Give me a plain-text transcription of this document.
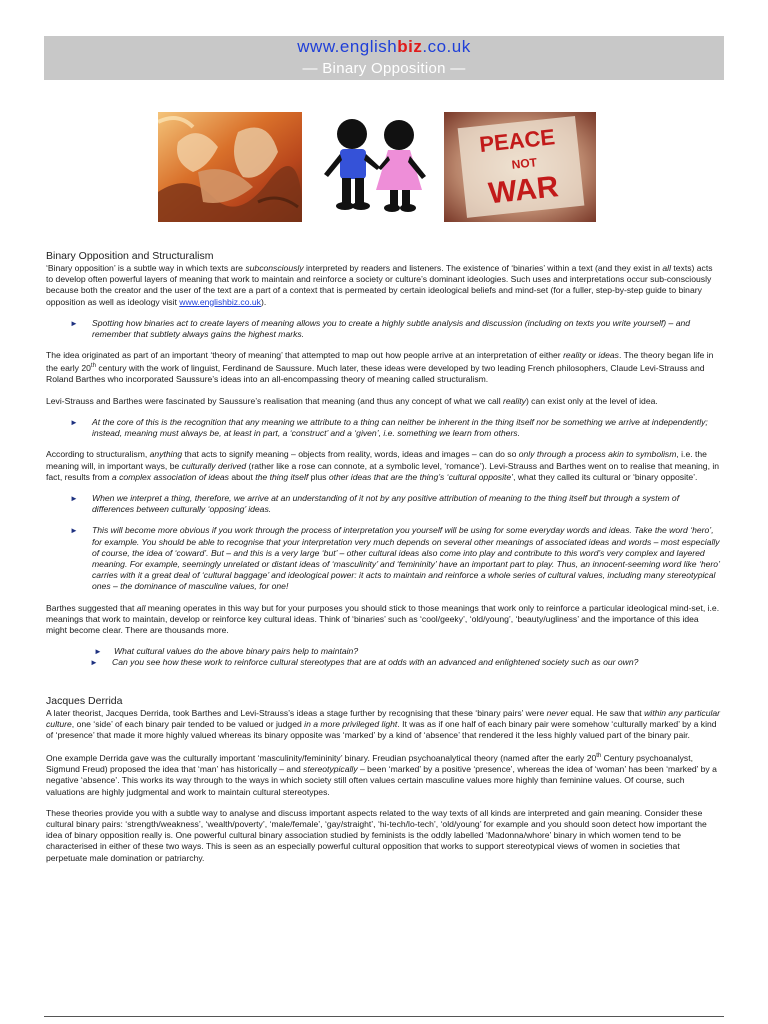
www.englishbiz.co.uk
— Binary Opposition —
PEACE
NOT
WAR
Binary Opposition and Structuralism

‘Binary opposition’ is a subtle way in which texts are subconsciously interpreted by readers and listeners. The existence of ‘binaries’ within a text (and they exist in all texts) acts to develop often powerful layers of meaning that work to maintain and reinforce a society or culture’s dominant ideologies. Such uses and interpretations occur sub-consciously because both the creator and the user of the text are a part of a context that is permeated by certain ideological beliefs and mind-set (for a fuller, step-by-step guide to binary opposition as well as ideology visit www.englishbiz.co.uk).

►	Spotting how binaries act to create layers of meaning allows you to create a highly subtle analysis and discussion (including on texts you write yourself) – and remember that subtlety always gains the highest marks.

The idea originated as part of an important ‘theory of meaning’ that attempted to map out how people arrive at an interpretation of either reality or ideas. The theory began life in the early 20th century with the work of linguist, Ferdinand de Saussure. Much later, these ideas were developed by two leading French philosophers, Claude Levi-Strauss and Roland Barthes who incorporated Saussure’s ideas into an all-encompassing theory of meaning called structuralism.

Levi-Strauss and Barthes were fascinated by Saussure’s realisation that meaning (and thus any concept of what we call reality) can exist only at the level of idea.

►	At the core of this is the recognition that any meaning we attribute to a thing can neither be inherent in the thing itself nor be something we arrive at independently; instead, meaning must always be, at least in part, a ‘construct’ and a ‘given’, i.e. something we learn from others.

According to structuralism, anything that acts to signify meaning – objects from reality, words, ideas and images – can do so only through a process akin to symbolism, i.e. the meaning will, in important ways, be culturally derived (rather like a rose can connote, at a symbolic level, ‘romance’). Levi-Strauss and Barthes went on to realise that meaning, in fact, results from a complex association of ideas about the thing itself plus other ideas that are the thing’s ‘cultural opposite’, what they called its cultural or ‘binary opposite’.

►	When we interpret a thing, therefore, we arrive at an understanding of it not by any positive attribution of meaning to the thing itself but through a system of differences between culturally ‘opposing’ ideas.
►	This will become more obvious if you work through the process of interpretation you yourself will be using for some everyday words and ideas. Take the word ‘hero’, for example. You should be able to recognise that your interpretation very much depends on several other meanings of associated ideas and words – most especially of course, the idea of ‘coward’. But – and this is a very large ‘but’ – other cultural ideas also come into play and contribute to this word’s very complex and layered meaning. For example, seemingly unrelated or distant ideas of ‘masculinity’ and ‘femininity’ have an important part to play. Thus, an innocent-seeming word like ‘hero’ carries with it a great deal of ‘cultural baggage’ and ideological power: it acts to maintain and reinforce a whole series of cultural values, including many stereotypical ones – the dominance of masculine values, for one!

Barthes suggested that all meaning operates in this way but for your purposes you should stick to those meanings that work only to reinforce a particular ideological mind-set, i.e. meanings that work to maintain, develop or reinforce key cultural ideas. Think of ‘binaries’ such as ‘cool/geeky’, ‘old/young’, ‘beauty/ugliness’ and the importance of this idea might become clear. There are thousands more.

►	What cultural values do the above binary pairs help to maintain?
►	Can you see how these work to reinforce cultural stereotypes that are at odds with an advanced and enlightened society such as our own?
Jacques Derrida

A later theorist, Jacques Derrida, took Barthes and Levi-Strauss’s ideas a stage further by recognising that these ‘binary pairs’ were never equal. He saw that within any particular culture, one ‘side’ of each binary pair tended to be valued or judged in a more privileged light. It was as if one half of each binary pair were somehow ‘culturally marked’ by a kind of ‘presence’ that made it more highly valued whereas its binary opposite was ‘marked’ by a kind of ‘absence’ that rendered it the less highly valued part of the binary pair.

One example Derrida gave was the culturally important ‘masculinity/femininity’ binary. Freudian psychoanalytical theory (named after the early 20th Century psychoanalyst, Sigmund Freud) proposed the idea that ‘man’ has historically – and stereotypically – been ‘marked’ by a positive ‘presence’, whereas the idea of ‘woman’ has been ‘marked’ by a negative ‘absence’. This works its way through to the ways in which society still often values certain masculine values more highly than feminine values. Of course, such valuations are highly judgmental and work to maintain cultural stereotypes.

These theories provide you with a subtle way to analyse and discuss important aspects related to the way texts of all kinds are interpreted and gain meaning. Consider these cultural binary pairs: ‘strength/weakness’, ‘wealth/poverty’, ‘male/female’, ‘gay/straight’, ‘hi-tech/lo-tech’, ‘old/young’ for example and you should soon detect how important the idea of binary opposition really is. One powerful cultural binary association studied by feminists is the oddly labelled ‘Madonna/whore’ binary in which women tend to be characterised in either of these two ways. This is seen as an especially powerful cultural opposition that works to support stereotypical views of women in societies that perpetuate male domination or patriarchy.
